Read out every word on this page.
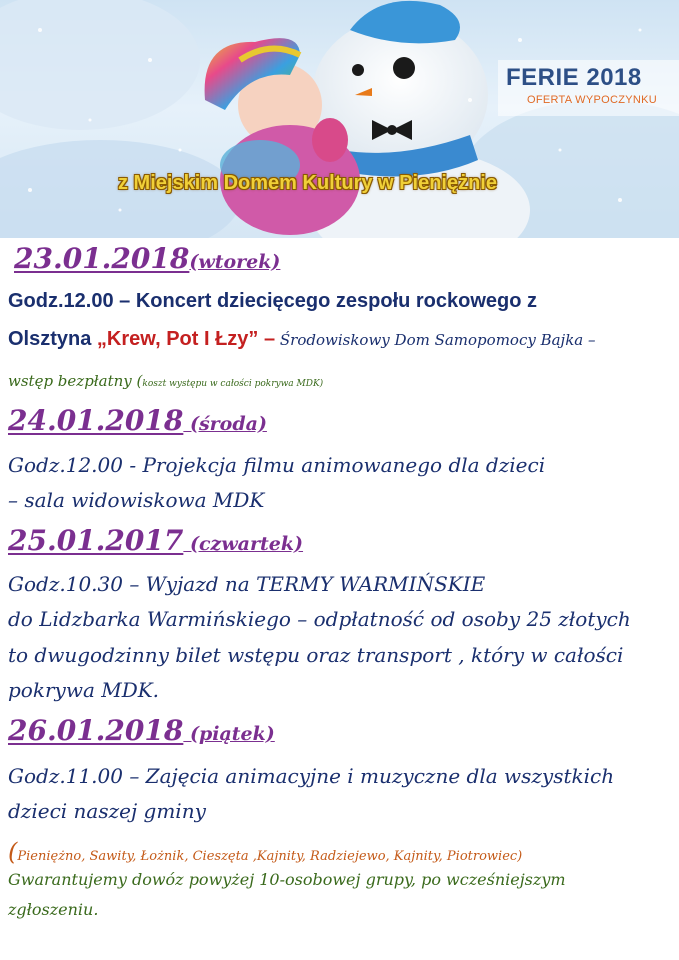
FERIE 2018
OFERTA WYPOCZYNKU
z Miejskim Domem Kultury w Pieniężnie
23.01.2018(wtorek)
Godz.12.00 – Koncert dziecięcego zespołu rockowego z
Olsztyna „Krew, Pot I Łzy” – Środowiskowy Dom Samopomocy Bajka –
wstęp bezpłatny (koszt występu w całości pokrywa MDK)
24.01.2018 (środa)
Godz.12.00 - Projekcja filmu animowanego dla dzieci
– sala widowiskowa MDK
25.01.2017 (czwartek)
Godz.10.30 – Wyjazd na TERMY WARMIŃSKIE
do Lidzbarka Warmińskiego – odpłatność od osoby 25 złotych
to dwugodzinny bilet wstępu oraz transport , który w całości
pokrywa MDK.
26.01.2018 (piątek)
Godz.11.00 – Zajęcia animacyjne i muzyczne dla wszystkich
dzieci naszej gminy
(Pieniężno, Sawity, Łożnik, Cieszęta ,Kajnity, Radziejewo, Kajnity, Piotrowiec)
Gwarantujemy dowóz powyżej 10-osobowej grupy, po wcześniejszym
zgłoszeniu.
